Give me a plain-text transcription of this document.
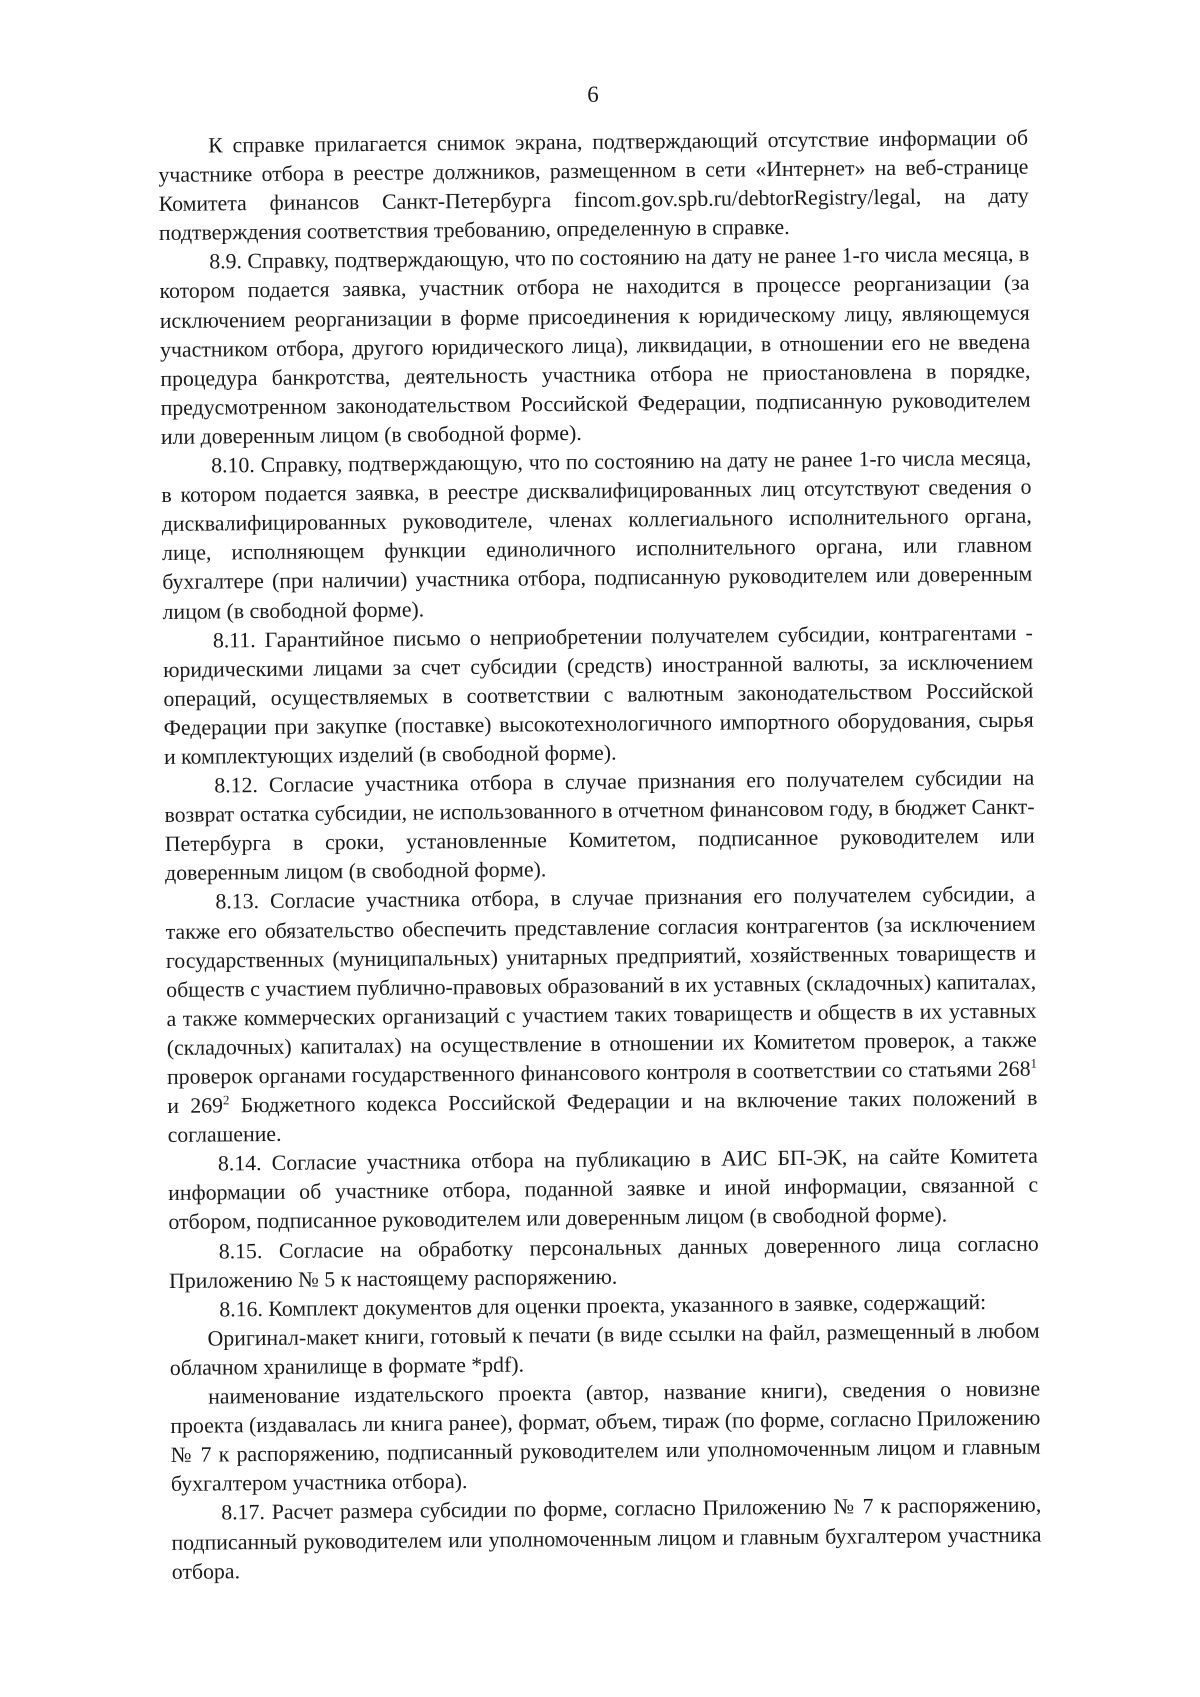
6

К справке прилагается снимок экрана, подтверждающий отсутствие информации об участнике отбора в реестре должников, размещенном в сети «Интернет» на веб-странице Комитета финансов Санкт-Петербурга fincom.gov.spb.ru/debtorRegistry/legal, на дату подтверждения соответствия требованию, определенную в справке.

8.9. Справку, подтверждающую, что по состоянию на дату не ранее 1-го числа месяца, в котором подается заявка, участник отбора не находится в процессе реорганизации (за исключением реорганизации в форме присоединения к юридическому лицу, являющемуся участником отбора, другого юридического лица), ликвидации, в отношении его не введена процедура банкротства, деятельность участника отбора не приостановлена в порядке, предусмотренном законодательством Российской Федерации, подписанную руководителем или доверенным лицом (в свободной форме).

8.10. Справку, подтверждающую, что по состоянию на дату не ранее 1-го числа месяца, в котором подается заявка, в реестре дисквалифицированных лиц отсутствуют сведения о дисквалифицированных руководителе, членах коллегиального исполнительного органа, лице, исполняющем функции единоличного исполнительного органа, или главном бухгалтере (при наличии) участника отбора, подписанную руководителем или доверенным лицом (в свободной форме).

8.11. Гарантийное письмо о неприобретении получателем субсидии, контрагентами - юридическими лицами за счет субсидии (средств) иностранной валюты, за исключением операций, осуществляемых в соответствии с валютным законодательством Российской Федерации при закупке (поставке) высокотехнологичного импортного оборудования, сырья и комплектующих изделий (в свободной форме).

8.12. Согласие участника отбора в случае признания его получателем субсидии на возврат остатка субсидии, не использованного в отчетном финансовом году, в бюджет Санкт-Петербурга в сроки, установленные Комитетом, подписанное руководителем или доверенным лицом (в свободной форме).

8.13. Согласие участника отбора, в случае признания его получателем субсидии, а также его обязательство обеспечить представление согласия контрагентов (за исключением государственных (муниципальных) унитарных предприятий, хозяйственных товариществ и обществ с участием публично-правовых образований в их уставных (складочных) капиталах, а также коммерческих организаций с участием таких товариществ и обществ в их уставных (складочных) капиталах) на осуществление в отношении их Комитетом проверок, а также проверок органами государственного финансового контроля в соответствии со статьями $268^1$ и $269^2$ Бюджетного кодекса Российской Федерации и на включение таких положений в соглашение.

8.14. Согласие участника отбора на публикацию в АИС БП-ЭК, на сайте Комитета информации об участнике отбора, поданной заявке и иной информации, связанной с отбором, подписанное руководителем или доверенным лицом (в свободной форме).

8.15. Согласие на обработку персональных данных доверенного лица согласно Приложению № 5 к настоящему распоряжению.

8.16. Комплект документов для оценки проекта, указанного в заявке, содержащий:

Оригинал-макет книги, готовый к печати (в виде ссылки на файл, размещенный в любом облачном хранилище в формате *pdf).

наименование издательского проекта (автор, название книги), сведения о новизне проекта (издавалась ли книга ранее), формат, объем, тираж (по форме, согласно Приложению № 7 к распоряжению, подписанный руководителем или уполномоченным лицом и главным бухгалтером участника отбора).

8.17. Расчет размера субсидии по форме, согласно Приложению № 7 к распоряжению, подписанный руководителем или уполномоченным лицом и главным бухгалтером участника отбора.
